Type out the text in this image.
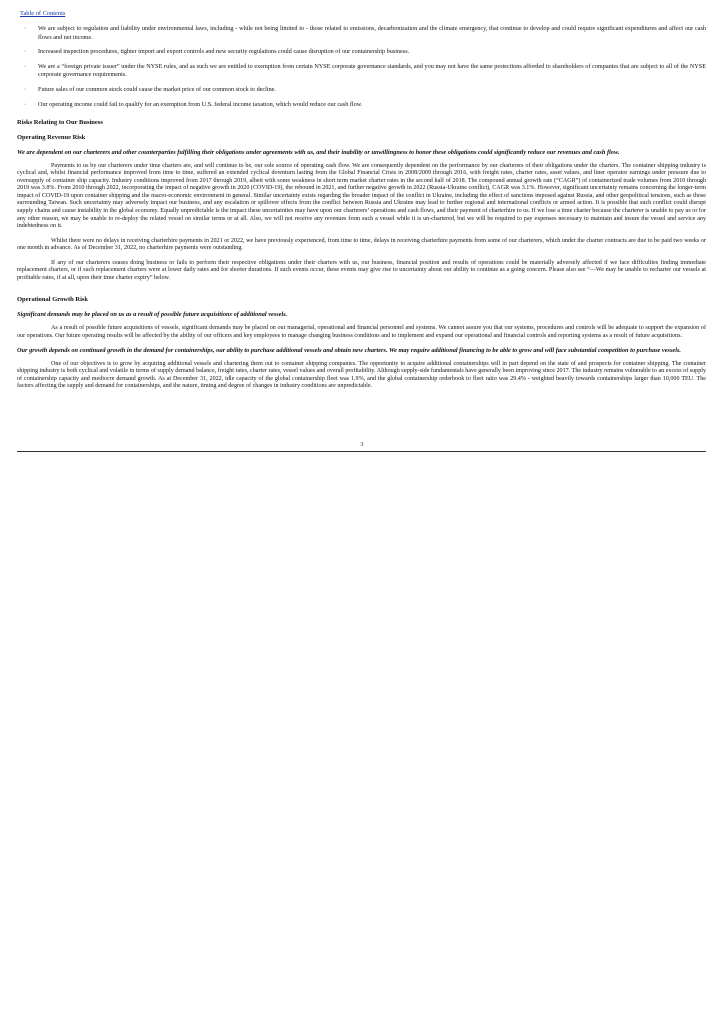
Table of Contents
· We are subject to regulation and liability under environmental laws, including - while not being limited to - those related to emissions, decarbonization and the climate emergency, that continue to develop and could require significant expenditures and affect our cash flows and net income.
· Increased inspection procedures, tighter import and export controls and new security regulations could cause disruption of our containership business.
· We are a “foreign private issuer” under the NYSE rules, and as such we are entitled to exemption from certain NYSE corporate governance standards, and you may not have the same protections afforded to shareholders of companies that are subject to all of the NYSE corporate governance requirements.
· Future sales of our common stock could cause the market price of our common stock to decline.
· Our operating income could fail to qualify for an exemption from U.S. federal income taxation, which would reduce our cash flow.
Risks Relating to Our Business
Operating Revenue Risk
We are dependent on our charterers and other counterparties fulfilling their obligations under agreements with us, and their inability or unwillingness to honor these obligations could significantly reduce our revenues and cash flow.

Payments to us by our charterers under time charters are, and will continue to be, our sole source of operating cash flow. We are consequently dependent on the performance by our charterers of their obligations under the charters. The container shipping industry is cyclical and, whilst financial performance improved from time to time, suffered an extended cyclical downturn lasting from the Global Financial Crisis in 2008/2009 through 2016, with freight rates, charter rates, asset values, and liner operator earnings under pressure due to oversupply of container ship capacity. Industry conditions improved from 2017 through 2019, albeit with some weakness in short term market charter rates in the second half of 2018. The compound annual growth rate (“CAGR”) of containerized trade volumes from 2010 through 2019 was 3.8%. From 2010 through 2022, incorporating the impact of negative growth in 2020 (COVID-19), the rebound in 2021, and further negative growth in 2022 (Russia-Ukraine conflict), CAGR was 3.1%. However, significant uncertainty remains concerning the longer-term impact of COVID-19 upon container shipping and the macro-economic environment in general. Similar uncertainty exists regarding the broader impact of the conflict in Ukraine, including the effect of sanctions imposed against Russia, and other geopolitical tensions, such as those surrounding Taiwan. Such uncertainty may adversely impact our business, and any escalation or spillover effects from the conflict between Russia and Ukraine may lead to further regional and international conflicts or armed action. It is possible that such conflict could disrupt supply chains and cause instability in the global economy. Equally unpredictable is the impact these uncertainties may have upon our charterers’ operations and cash flows, and their payment of charterhire to us. If we lose a time charter because the charterer is unable to pay us or for any other reason, we may be unable to re-deploy the related vessel on similar terms or at all. Also, we will not receive any revenues from such a vessel while it is un-chartered, but we will be required to pay expenses necessary to maintain and insure the vessel and service any indebtedness on it.

Whilst there were no delays in receiving charterhire payments in 2021 or 2022, we have previously experienced, from time to time, delays in receiving charterhire payments from some of our charterers, which under the charter contracts are due to be paid two weeks or one month in advance. As of December 31, 2022, no charterhire payments were outstanding.

If any of our charterers ceases doing business or fails to perform their respective obligations under their charters with us, our business, financial position and results of operations could be materially adversely affected if we face difficulties finding immediate replacement charters, or if such replacement charters were at lower daily rates and for shorter durations. If such events occur, these events may give rise to uncertainty about our ability to continue as a going concern. Please also see “—We may be unable to recharter our vessels at profitable rates, if at all, upon their time charter expiry” below.

Operational Growth Risk
Significant demands may be placed on us as a result of possible future acquisitions of additional vessels.

As a result of possible future acquisitions of vessels, significant demands may be placed on our managerial, operational and financial personnel and systems. We cannot assure you that our systems, procedures and controls will be adequate to support the expansion of our operations. Our future operating results will be affected by the ability of our officers and key employees to manage changing business conditions and to implement and expand our operational and financial controls and reporting systems as a result of future acquisitions.

Our growth depends on continued growth in the demand for containerships, our ability to purchase additional vessels and obtain new charters. We may require additional financing to be able to grow and will face substantial competition to purchase vessels.

One of our objectives is to grow by acquiring additional vessels and chartering them out to container shipping companies. The opportunity to acquire additional containerships will in part depend on the state of and prospects for container shipping. The container shipping industry is both cyclical and volatile in terms of supply demand balance, freight rates, charter rates, vessel values and overall profitability. Although supply-side fundamentals have generally been improving since 2017. The industry remains vulnerable to an excess of supply of containership capacity and mediocre demand growth. As at December 31, 2022, idle capacity of the global containership fleet was 1.9%, and the global containership orderbook to fleet ratio was 29.4% - weighted heavily towards containerships larger than 10,000 TEU. The factors affecting the supply and demand for containerships, and the nature, timing and degree of changes in industry conditions are unpredictable.

3
